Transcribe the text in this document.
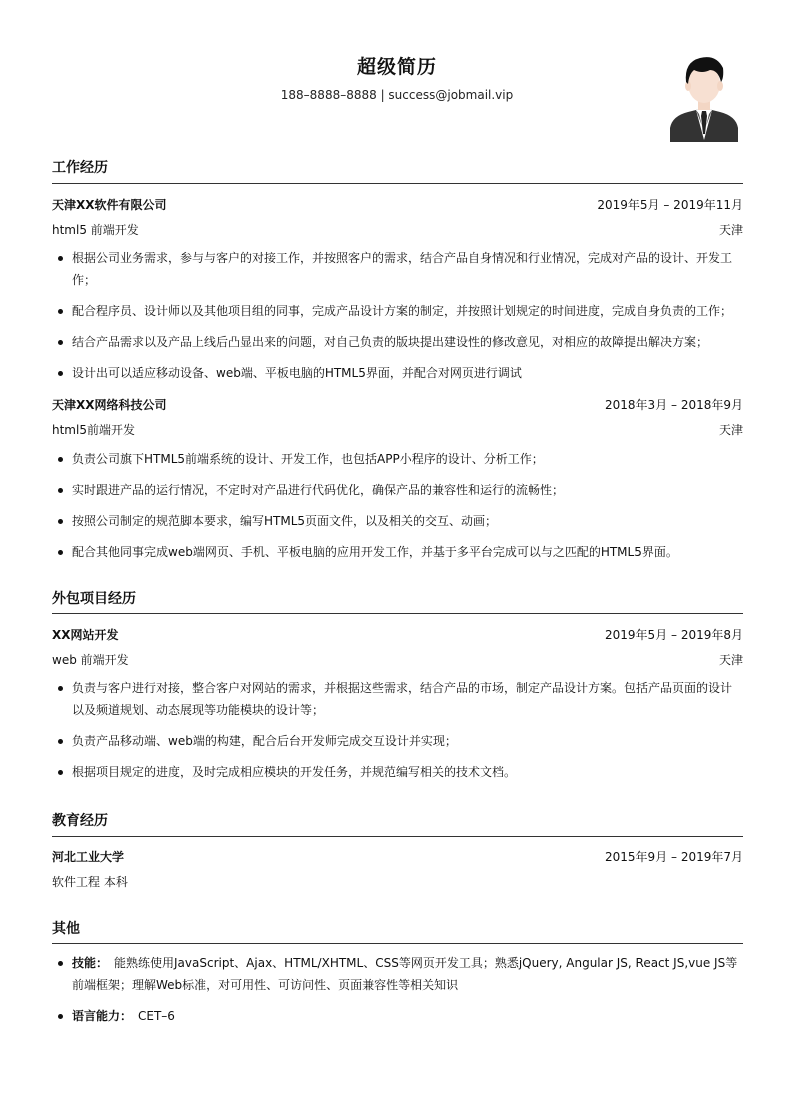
超级简历
188–8888–8888 | success@jobmail.vip
工作经历
天津XX软件有限公司	2019年5月 – 2019年11月
html5 前端开发	天津
根据公司业务需求，参与与客户的对接工作，并按照客户的需求，结合产品自身情况和行业情况，完成对产品的设计、开发工作；
配合程序员、设计师以及其他项目组的同事，完成产品设计方案的制定，并按照计划规定的时间进度，完成自身负责的工作；
结合产品需求以及产品上线后凸显出来的问题，对自己负责的版块提出建设性的修改意见，对相应的故障提出解决方案；
设计出可以适应移动设备、web端、平板电脑的HTML5界面，并配合对网页进行调试
天津XX网络科技公司	2018年3月 – 2018年9月
html5前端开发	天津
负责公司旗下HTML5前端系统的设计、开发工作，也包括APP小程序的设计、分析工作；
实时跟进产品的运行情况，不定时对产品进行代码优化，确保产品的兼容性和运行的流畅性；
按照公司制定的规范脚本要求，编写HTML5页面文件，以及相关的交互、动画；
配合其他同事完成web端网页、手机、平板电脑的应用开发工作，并基于多平台完成可以与之匹配的HTML5界面。
外包项目经历
XX网站开发	2019年5月 – 2019年8月
web 前端开发	天津
负责与客户进行对接，整合客户对网站的需求，并根据这些需求，结合产品的市场，制定产品设计方案。包括产品页面的设计以及频道规划、动态展现等功能模块的设计等；
负责产品移动端、web端的构建，配合后台开发师完成交互设计并实现；
根据项目规定的进度，及时完成相应模块的开发任务，并规范编写相关的技术文档。
教育经历
河北工业大学	2015年9月 – 2019年7月
软件工程 本科
其他
技能： 能熟练使用JavaScript、Ajax、HTML/XHTML、CSS等网页开发工具；熟悉jQuery, Angular JS, React JS,vue JS等前端框架；理解Web标准，对可用性、可访问性、页面兼容性等相关知识
语言能力： CET–6
